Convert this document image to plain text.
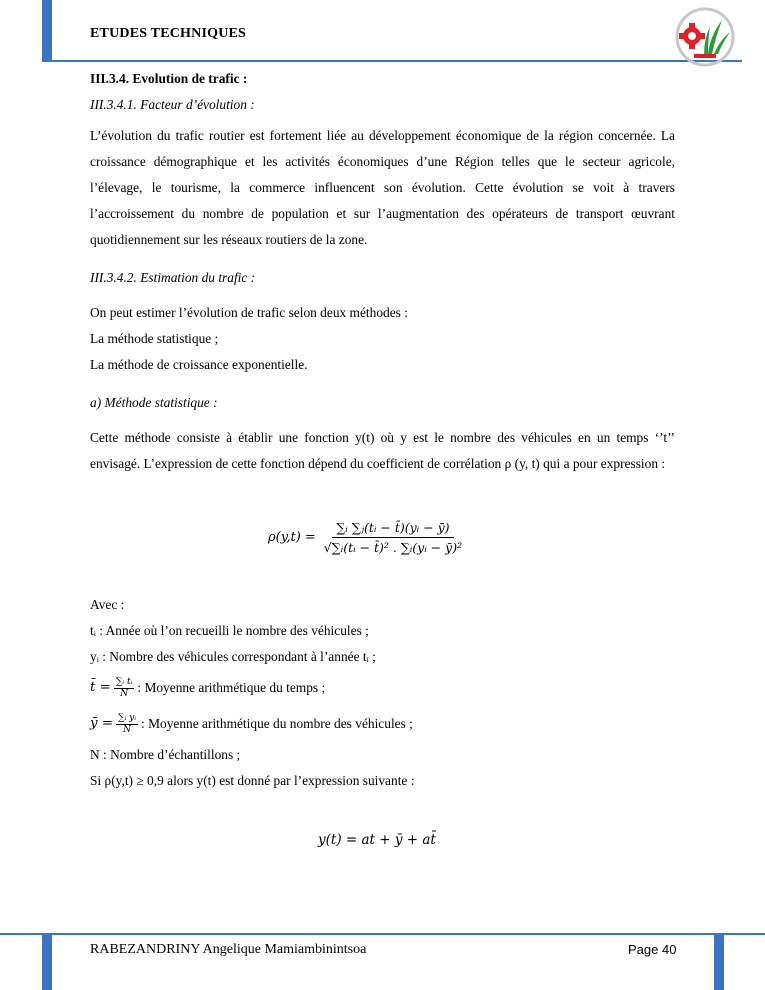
ETUDES TECHNIQUES

III.3.4. Evolution de trafic :

III.3.4.1. Facteur d’évolution :

L’évolution du trafic routier est fortement liée au développement économique de la région concernée. La croissance démographique et les activités économiques d’une Région telles que le secteur agricole, l’élevage, le tourisme, la commerce influencent son évolution. Cette évolution se voit à travers l’accroissement du nombre de population et sur l’augmentation des opérateurs de transport œuvrant quotidiennement sur les réseaux routiers de la zone.

III.3.4.2. Estimation du trafic :

On peut estimer l’évolution de trafic selon deux méthodes :

La méthode statistique ;

La méthode de croissance exponentielle.

a) Méthode statistique :

Cette méthode consiste à établir une fonction y(t) où y est le nombre des véhicules en un temps ‘’t’’ envisagé. L’expression de cette fonction dépend du coefficient de corrélation ρ (y, t) qui a pour expression :

$\rho(y,t) = \frac{\text{∑ᵢ ∑ⱼ(tᵢ − t̄)(yᵢ − ȳ)}}{\text{√∑ᵢ(tᵢ − t̄)² . ∑ᵢ(yᵢ − ȳ)²}}$

Avec :

tᵢ : Année où l’on recueilli le nombre des véhicules ;

yᵢ : Nombre des véhicules correspondant à l’année tᵢ ;

t̄ = $\frac{\text{∑ᵢ tᵢ}}{N}$ : Moyenne arithmétique du temps ;

ȳ = $\frac{\text{∑ᵢ yᵢ}}{N}$ : Moyenne arithmétique du nombre des véhicules ;

N : Nombre d’échantillons ;

Si ρ(y,t) ≥ 0,9 alors y(t) est donné par l’expression suivante :

y(t) = at + ȳ + at̄
RABEZANDRINY Angelique Mamiambinintsoa	Page 40
